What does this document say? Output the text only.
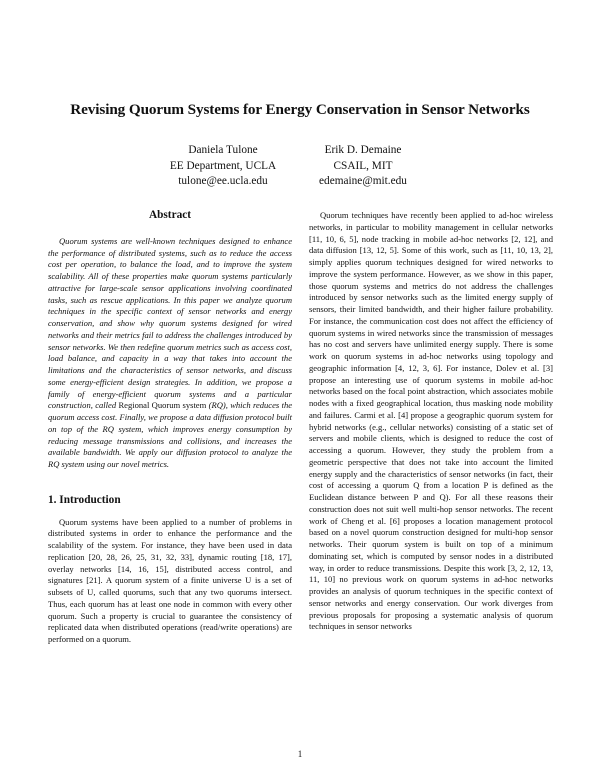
Revising Quorum Systems for Energy Conservation in Sensor Networks
Daniela Tulone
EE Department, UCLA
tulone@ee.ucla.edu
Erik D. Demaine
CSAIL, MIT
edemaine@mit.edu
Abstract

Quorum systems are well-known techniques designed to enhance the performance of distributed systems, such as to reduce the access cost per operation, to balance the load, and to improve the system scalability. All of these properties make quorum systems particularly attractive for large-scale sensor applications involving coordinated tasks, such as rescue applications. In this paper we analyze quorum techniques in the specific context of sensor networks and energy conservation, and show why quorum systems designed for wired networks and their metrics fail to address the challenges introduced by sensor networks. We then redefine quorum metrics such as access cost, load balance, and capacity in a way that takes into account the limitations and the characteristics of sensor networks, and discuss some energy-efficient design strategies. In addition, we propose a family of energy-efficient quorum systems and a particular construction, called Regional Quorum system (RQ), which reduces the quorum access cost. Finally, we propose a data diffusion protocol built on top of the RQ system, which improves energy consumption by reducing message transmissions and collisions, and increases the available bandwidth. We apply our diffusion protocol to analyze the RQ system using our novel metrics.

1. Introduction

Quorum systems have been applied to a number of problems in distributed systems in order to enhance the performance and the scalability of the system. For instance, they have been used in data replication [20, 28, 26, 25, 31, 32, 33], dynamic routing [18, 17], overlay networks [14, 16, 15], distributed access control, and signatures [21]. A quorum system of a finite universe U is a set of subsets of U, called quorums, such that any two quorums intersect. Thus, each quorum has at least one node in common with every other quorum. Such a property is crucial to guarantee the consistency of replicated data when distributed operations (read/write operations) are performed on a quorum.

Quorum techniques have recently been applied to ad-hoc wireless networks, in particular to mobility management in cellular networks [11, 10, 6, 5], node tracking in mobile ad-hoc networks [2, 12], and data diffusion [13, 12, 5]. Some of this work, such as [11, 10, 13, 2], simply applies quorum techniques designed for wired networks to improve the system performance. However, as we show in this paper, those quorum systems and metrics do not address the challenges introduced by sensor networks such as the limited energy supply of sensors, their limited bandwidth, and their higher failure probability. For instance, the communication cost does not affect the efficiency of quorum systems in wired networks since the transmission of messages has no cost and servers have unlimited energy supply. There is some work on quorum systems in ad-hoc networks using topology and geographic information [4, 12, 3, 6]. For instance, Dolev et al. [3] propose an interesting use of quorum systems in mobile ad-hoc networks based on the focal point abstraction, which associates mobile nodes with a fixed geographical location, thus masking node mobility and failures. Carmi et al. [4] propose a geographic quorum system for hybrid networks (e.g., cellular networks) consisting of a static set of servers and mobile clients, which is designed to reduce the cost of accessing a quorum. However, they study the problem from a geometric perspective that does not take into account the limited energy supply and the characteristics of sensor networks (in fact, their cost of accessing a quorum Q from a location P is defined as the Euclidean distance between P and Q). For all these reasons their construction does not suit well multi-hop sensor networks. The recent work of Cheng et al. [6] proposes a location management protocol based on a novel quorum construction designed for multi-hop sensor networks. Their quorum system is built on top of a minimum dominating set, which is computed by sensor nodes in a distributed way, in order to reduce transmissions. Despite this work [3, 2, 12, 13, 11, 10] no previous work on quorum systems in ad-hoc networks provides an analysis of quorum techniques in the specific context of sensor networks and energy conservation. Our work diverges from previous proposals for proposing a systematic analysis of quorum techniques in sensor networks

1
